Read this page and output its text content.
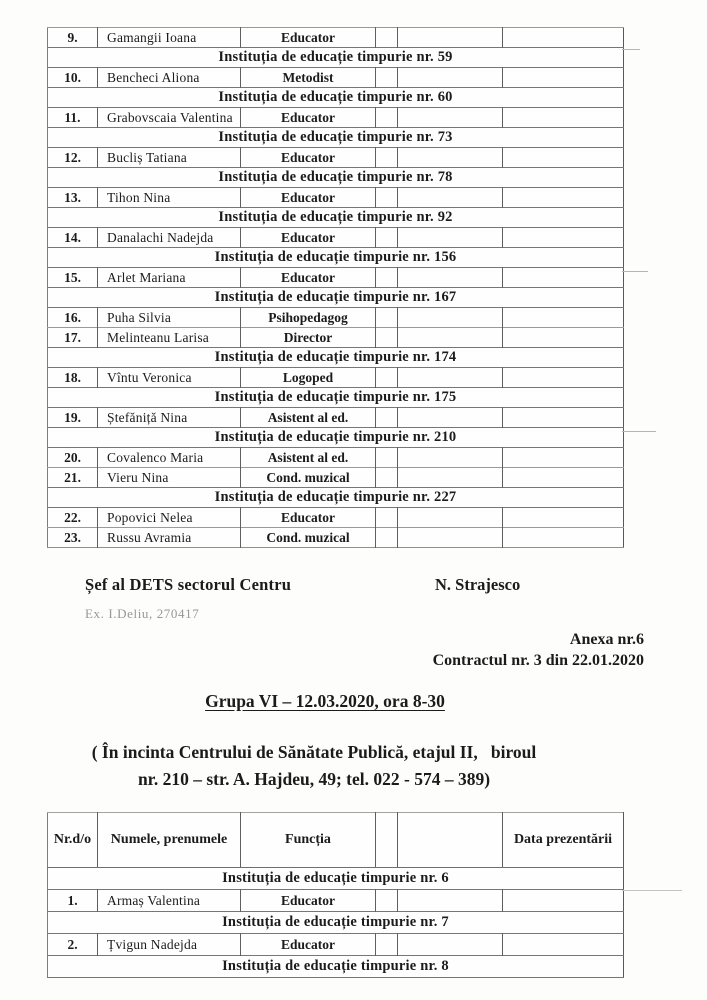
9.	Gamangii Ioana	Educator			
Instituția de educație timpurie nr. 59					
10.	Bencheci Aliona	Metodist			
Instituția de educație timpurie nr. 60					
11.	Grabovscaia Valentina	Educator			
Instituția de educație timpurie nr. 73					
12.	Bucliș Tatiana	Educator			
Instituția de educație timpurie nr. 78					
13.	Tihon Nina	Educator			
Instituția de educație timpurie nr. 92					
14.	Danalachi Nadejda	Educator			
Instituția de educație timpurie nr. 156					
15.	Arlet Mariana	Educator			
Instituția de educație timpurie nr. 167					
16.	Puha Silvia	Psihopedagog			
17.	Melinteanu Larisa	Director			
Instituția de educație timpurie nr. 174					
18.	Vîntu Veronica	Logoped			
Instituția de educație timpurie nr. 175					
19.	Ștefăniță Nina	Asistent al ed.			
Instituția de educație timpurie nr. 210					
20.	Covalenco Maria	Asistent al ed.			
21.	Vieru Nina	Cond. muzical			
Instituția de educație timpurie nr. 227					
22.	Popovici Nelea	Educator			
23.	Russu Avramia	Cond. muzical			
Șef al DETS sectorul Centru	N. Strajesco
Ex. I.Deliu, 270417
Anexa nr.6
Contractul nr. 3 din 22.01.2020
Grupa VI – 12.03.2020, ora 8-30
( În incinta Centrului de Sănătate Publică, etajul II,   biroul
nr. 210 – str. A. Hajdeu, 49; tel. 022 - 574 – 389)
Nr.d/o	Numele, prenumele	Funcția			Data prezentării
Instituția de educație timpurie nr. 6					
1.	Armaș Valentina	Educator			
Instituția de educație timpurie nr. 7					
2.	Țvigun Nadejda	Educator			
Instituția de educație timpurie nr. 8					
